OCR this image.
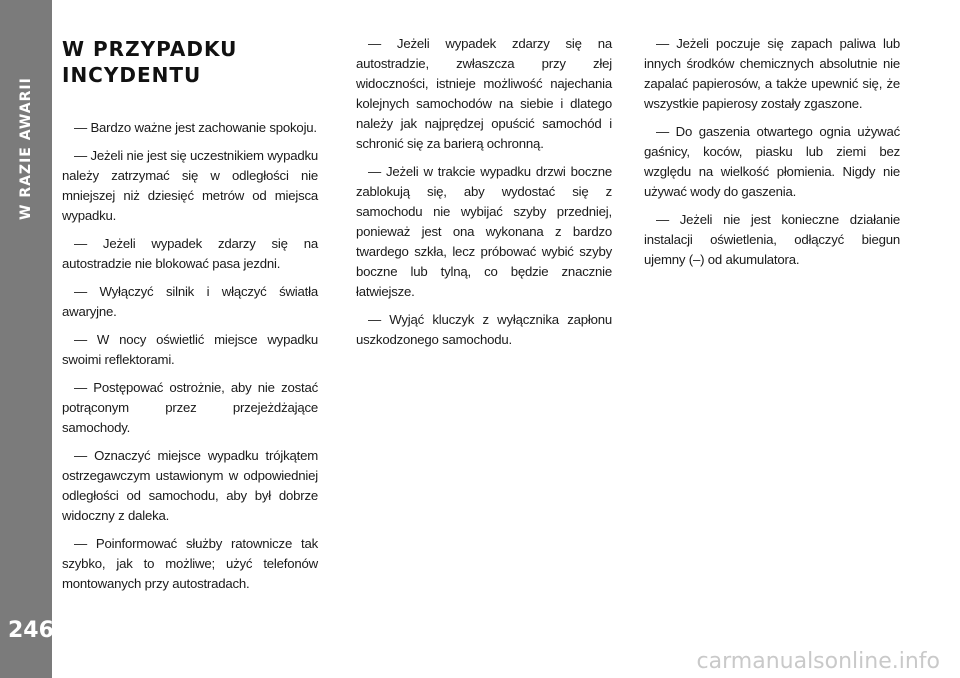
W RAZIE AWARII
246
W PRZYPADKU
INCYDENTU

— Bardzo ważne jest zachowanie spokoju.

— Jeżeli nie jest się uczestnikiem wypadku należy zatrzymać się w odległości nie mniejszej niż dziesięć metrów od miejsca wypadku.

— Jeżeli wypadek zdarzy się na autostradzie nie blokować pasa jezdni.

— Wyłączyć silnik i włączyć światła awaryjne.

— W nocy oświetlić miejsce wypadku swoimi reflektorami.

— Postępować ostrożnie, aby nie zostać potrąconym przez przejeżdżające samochody.

— Oznaczyć miejsce wypadku trójkątem ostrzegawczym ustawionym w odpowiedniej odległości od samochodu, aby był dobrze widoczny z daleka.

— Poinformować służby ratownicze tak szybko, jak to możliwe; użyć telefonów montowanych przy autostradach.

— Jeżeli wypadek zdarzy się na autostradzie, zwłaszcza przy złej widoczności, istnieje możliwość najechania kolejnych samochodów na siebie i dlatego należy jak najprędzej opuścić samochód i schronić się za barierą ochronną.

— Jeżeli w trakcie wypadku drzwi boczne zablokują się, aby wydostać się z samochodu nie wybijać szyby przedniej, ponieważ jest ona wykonana z bardzo twardego szkła, lecz próbować wybić szyby boczne lub tylną, co będzie znacznie łatwiejsze.

— Wyjąć kluczyk z wyłącznika zapłonu uszkodzonego samochodu.

— Jeżeli poczuje się zapach paliwa lub innych środków chemicznych absolutnie nie zapalać papierosów, a także upewnić się, że wszystkie papierosy zostały zgaszone.

— Do gaszenia otwartego ognia używać gaśnicy, koców, piasku lub ziemi bez względu na wielkość płomienia. Nigdy nie używać wody do gaszenia.

— Jeżeli nie jest konieczne działanie instalacji oświetlenia, odłączyć biegun ujemny (–) od akumulatora.

carmanualsonline.info
